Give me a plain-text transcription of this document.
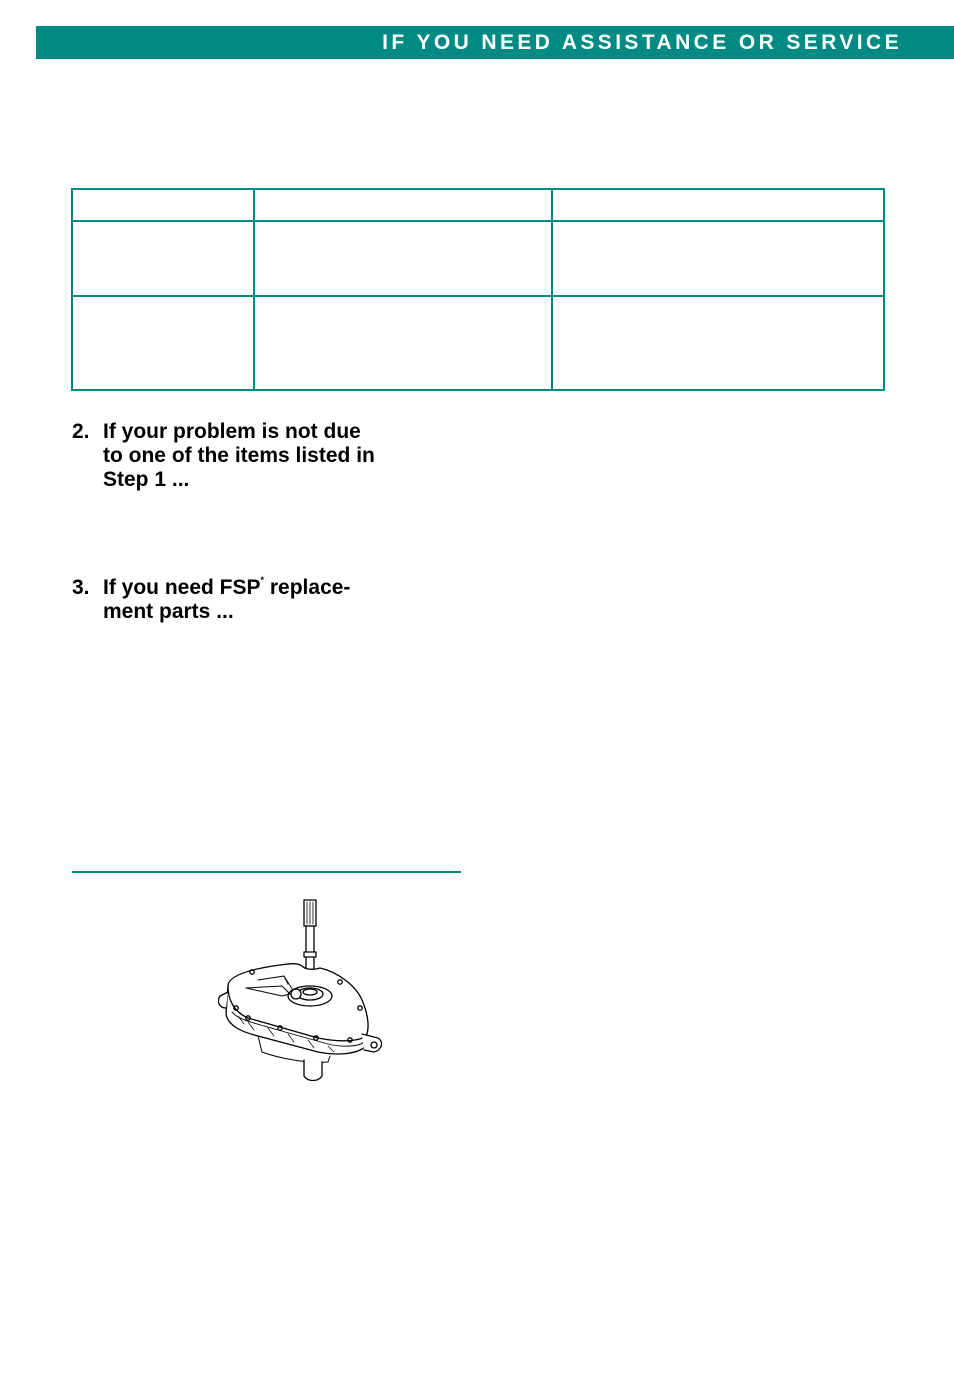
IF YOU NEED ASSISTANCE OR SERVICE

2. If your problem is not due
to one of the items listed in
Step 1 ...
3. If you need FSP* replace-
ment parts ...
